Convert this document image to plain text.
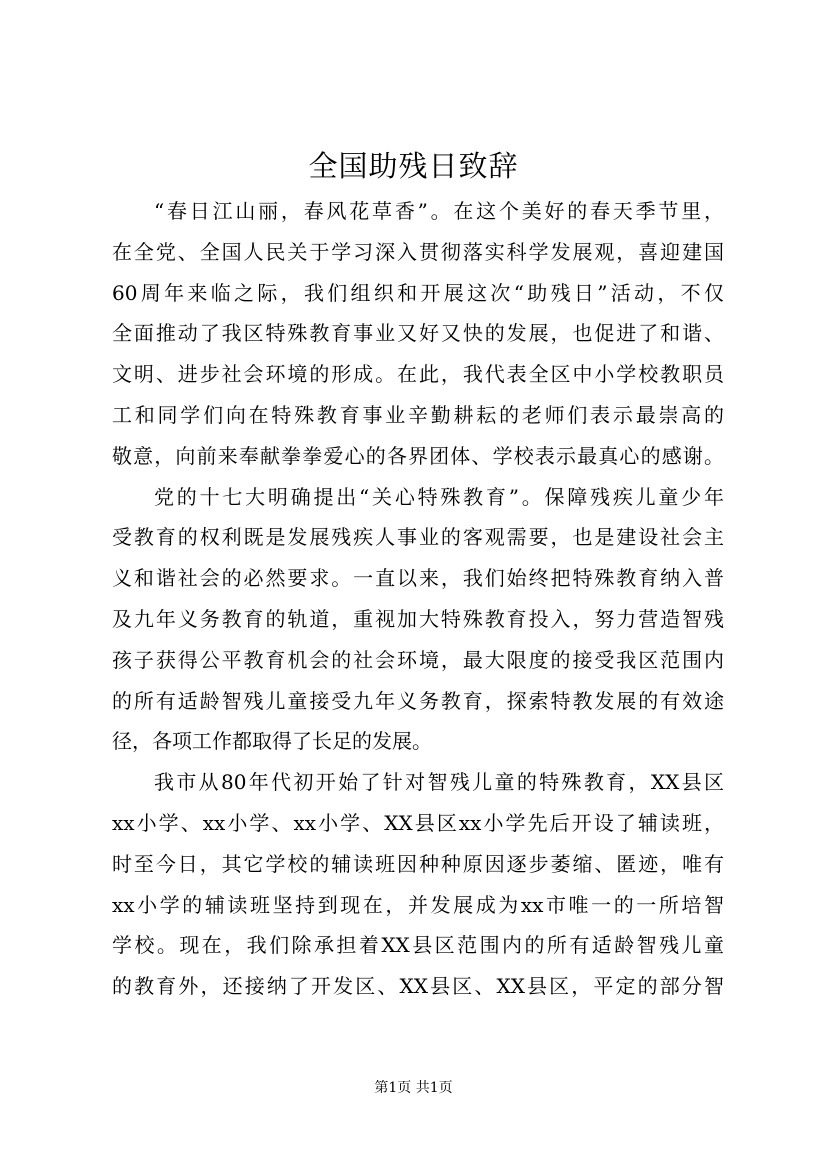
全国助残日致辞
“春日江山丽，春风花草香”。在这个美好的春天季节里，
在全党、全国人民关于学习深入贯彻落实科学发展观，喜迎建国
60周年来临之际，我们组织和开展这次“助残日”活动，不仅
全面推动了我区特殊教育事业又好又快的发展，也促进了和谐、
文明、进步社会环境的形成。在此，我代表全区中小学校教职员
工和同学们向在特殊教育事业辛勤耕耘的老师们表示最崇高的
敬意，向前来奉献拳拳爱心的各界团体、学校表示最真心的感谢。
党的十七大明确提出“关心特殊教育”。保障残疾儿童少年
受教育的权利既是发展残疾人事业的客观需要，也是建设社会主
义和谐社会的必然要求。一直以来，我们始终把特殊教育纳入普
及九年义务教育的轨道，重视加大特殊教育投入，努力营造智残
孩子获得公平教育机会的社会环境，最大限度的接受我区范围内
的所有适龄智残儿童接受九年义务教育，探索特教发展的有效途
径，各项工作都取得了长足的发展。
我市从80年代初开始了针对智残儿童的特殊教育，XX县区
xx小学、xx小学、xx小学、XX县区xx小学先后开设了辅读班，
时至今日，其它学校的辅读班因种种原因逐步萎缩、匿迹，唯有
xx小学的辅读班坚持到现在，并发展成为xx市唯一的一所培智
学校。现在，我们除承担着XX县区范围内的所有适龄智残儿童
的教育外，还接纳了开发区、XX县区、XX县区，平定的部分智
第1页 共1页
